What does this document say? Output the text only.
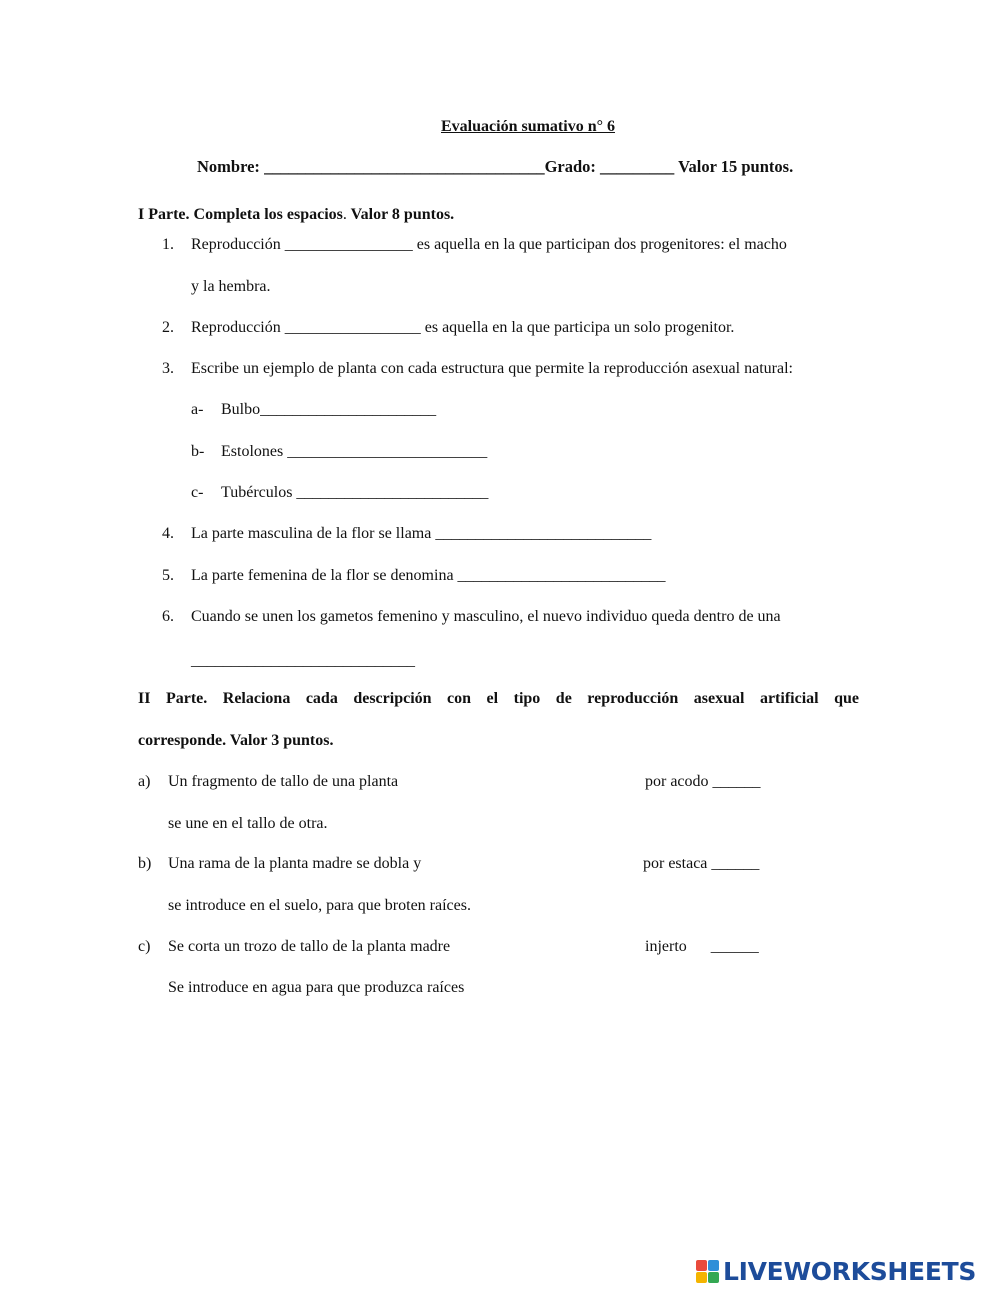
Evaluación sumativo n° 6
Nombre: __________________________________Grado: _________ Valor 15 puntos.
I Parte. Completa los espacios. Valor 8 puntos.
1. Reproducción ________________ es aquella en la que participan dos progenitores: el macho
y la hembra.
2. Reproducción _________________ es aquella en la que participa un solo progenitor.
3. Escribe un ejemplo de planta con cada estructura que permite la reproducción asexual natural:
a- Bulbo______________________
b- Estolones _________________________
c- Tubérculos ________________________
4. La parte masculina de la flor se llama ___________________________
5. La parte femenina de la flor se denomina __________________________
6. Cuando se unen los gametos femenino y masculino, el nuevo individuo queda dentro de una
____________________________
II Parte. Relaciona cada descripción con el tipo de reproducción asexual artificial que
corresponde. Valor 3 puntos.
a) Un fragmento de tallo de una planta	por acodo ______
se une en el tallo de otra.
b) Una rama de la planta madre se dobla y	por estaca ______
se introduce en el suelo, para que broten raíces.
c) Se corta un trozo de tallo de la planta madre	injerto      ______
Se introduce en agua para que produzca raíces
LIVEWORKSHEETS
